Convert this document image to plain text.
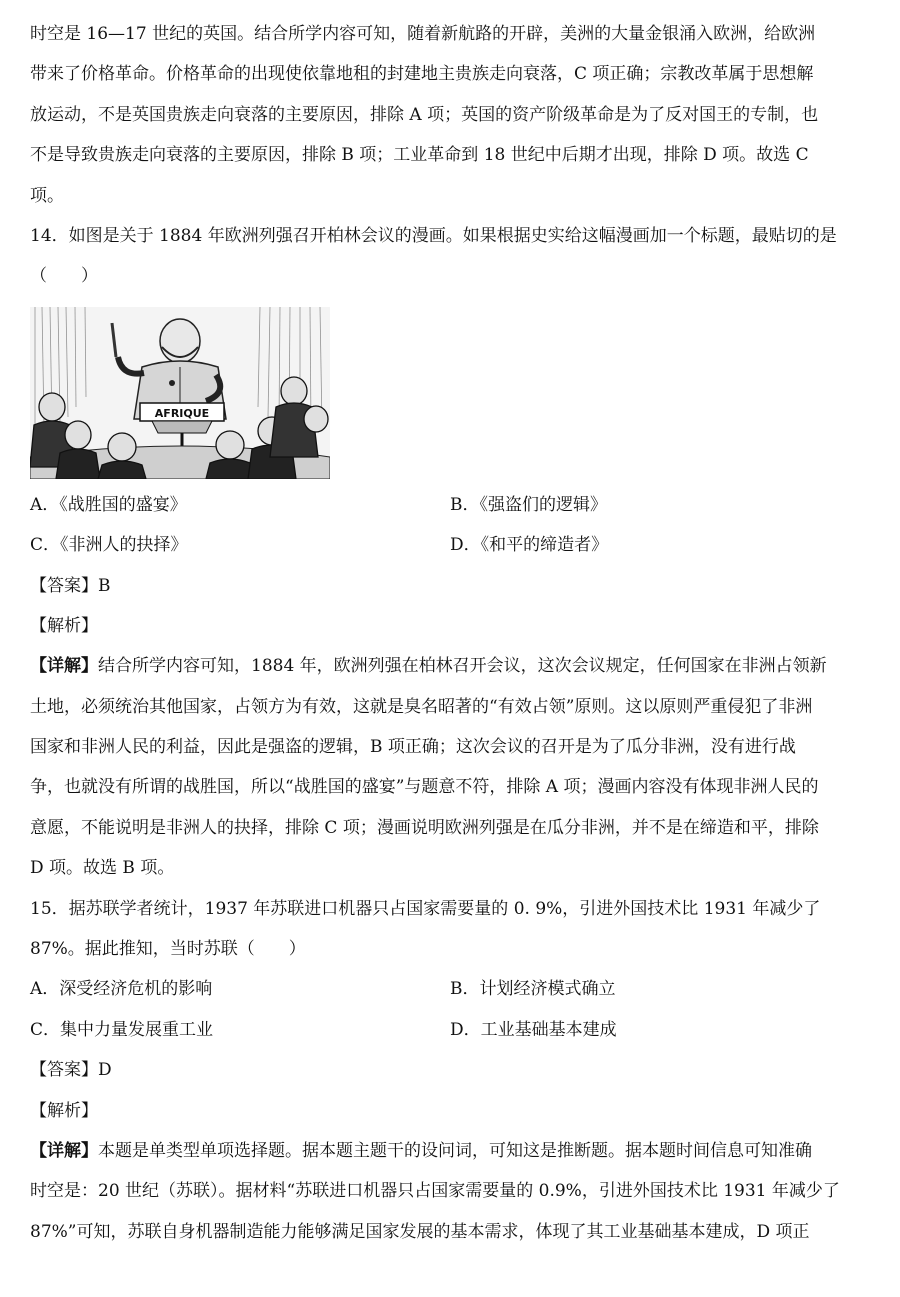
时空是 16—17 世纪的英国。结合所学内容可知，随着新航路的开辟，美洲的大量金银涌入欧洲，给欧洲
带来了价格革命。价格革命的出现使依靠地租的封建地主贵族走向衰落，C 项正确；宗教改革属于思想解
放运动，不是英国贵族走向衰落的主要原因，排除 A 项；英国的资产阶级革命是为了反对国王的专制，也
不是导致贵族走向衰落的主要原因，排除 B 项；工业革命到 18 世纪中后期才出现，排除 D 项。故选 C
项。
14．如图是关于 1884 年欧洲列强召开柏林会议的漫画。如果根据史实给这幅漫画加一个标题，最贴切的是
（　　）
AFRIQUE
A．《战胜国的盛宴》	B．《强盗们的逻辑》
C．《非洲人的抉择》	D．《和平的缔造者》
【答案】B
【解析】
【详解】结合所学内容可知，1884 年，欧洲列强在柏林召开会议，这次会议规定，任何国家在非洲占领新
土地，必须统治其他国家，占领方为有效，这就是臭名昭著的“有效占领”原则。这以原则严重侵犯了非洲
国家和非洲人民的利益，因此是强盗的逻辑，B 项正确；这次会议的召开是为了瓜分非洲，没有进行战
争，也就没有所谓的战胜国，所以“战胜国的盛宴”与题意不符，排除 A 项；漫画内容没有体现非洲人民的
意愿，不能说明是非洲人的抉择，排除 C 项；漫画说明欧洲列强是在瓜分非洲，并不是在缔造和平，排除
D 项。故选 B 项。
15．据苏联学者统计，1937 年苏联进口机器只占国家需要量的 0. 9%，引进外国技术比 1931 年减少了
87%。据此推知，当时苏联（　　）
A．深受经济危机的影响	B．计划经济模式确立
C．集中力量发展重工业	D．工业基础基本建成
【答案】D
【解析】
【详解】本题是单类型单项选择题。据本题主题干的设问词，可知这是推断题。据本题时间信息可知准确
时空是：20 世纪（苏联）。据材料“苏联进口机器只占国家需要量的 0.9%，引进外国技术比 1931 年减少了
87%”可知，苏联自身机器制造能力能够满足国家发展的基本需求，体现了其工业基础基本建成，D 项正
